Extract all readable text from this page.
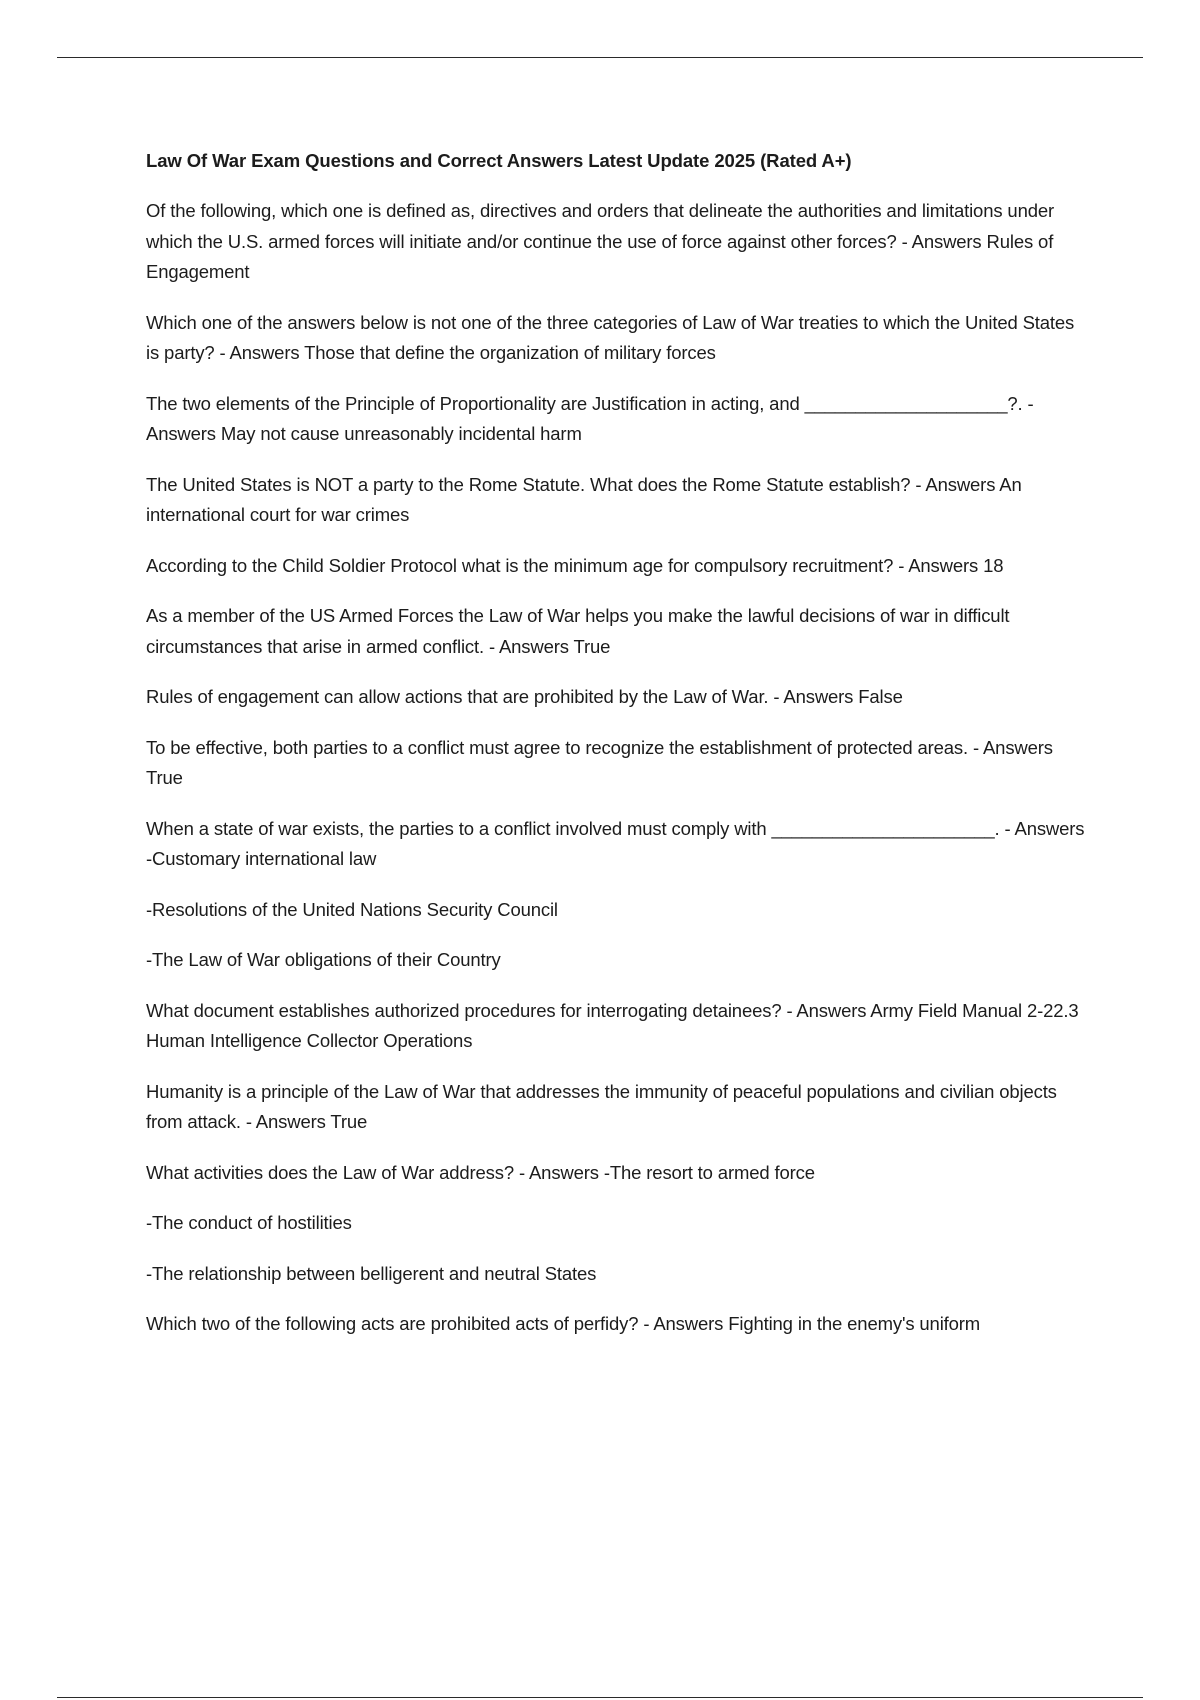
Law Of War Exam Questions and Correct Answers Latest Update 2025 (Rated A+)

Of the following, which one is defined as, directives and orders that delineate the authorities and limitations under which the U.S. armed forces will initiate and/or continue the use of force against other forces? - Answers Rules of Engagement

Which one of the answers below is not one of the three categories of Law of War treaties to which the United States is party? - Answers Those that define the organization of military forces

The two elements of the Principle of Proportionality are Justification in acting, and ____________________?. - Answers May not cause unreasonably incidental harm

The United States is NOT a party to the Rome Statute. What does the Rome Statute establish? - Answers An international court for war crimes

According to the Child Soldier Protocol what is the minimum age for compulsory recruitment? - Answers 18

As a member of the US Armed Forces the Law of War helps you make the lawful decisions of war in difficult circumstances that arise in armed conflict. - Answers True

Rules of engagement can allow actions that are prohibited by the Law of War. - Answers False

To be effective, both parties to a conflict must agree to recognize the establishment of protected areas. - Answers True

When a state of war exists, the parties to a conflict involved must comply with ______________________. - Answers -Customary international law

-Resolutions of the United Nations Security Council

-The Law of War obligations of their Country

What document establishes authorized procedures for interrogating detainees? - Answers Army Field Manual 2-22.3 Human Intelligence Collector Operations

Humanity is a principle of the Law of War that addresses the immunity of peaceful populations and civilian objects from attack. - Answers True

What activities does the Law of War address? - Answers -The resort to armed force

-The conduct of hostilities

-The relationship between belligerent and neutral States

Which two of the following acts are prohibited acts of perfidy? - Answers Fighting in the enemy's uniform
